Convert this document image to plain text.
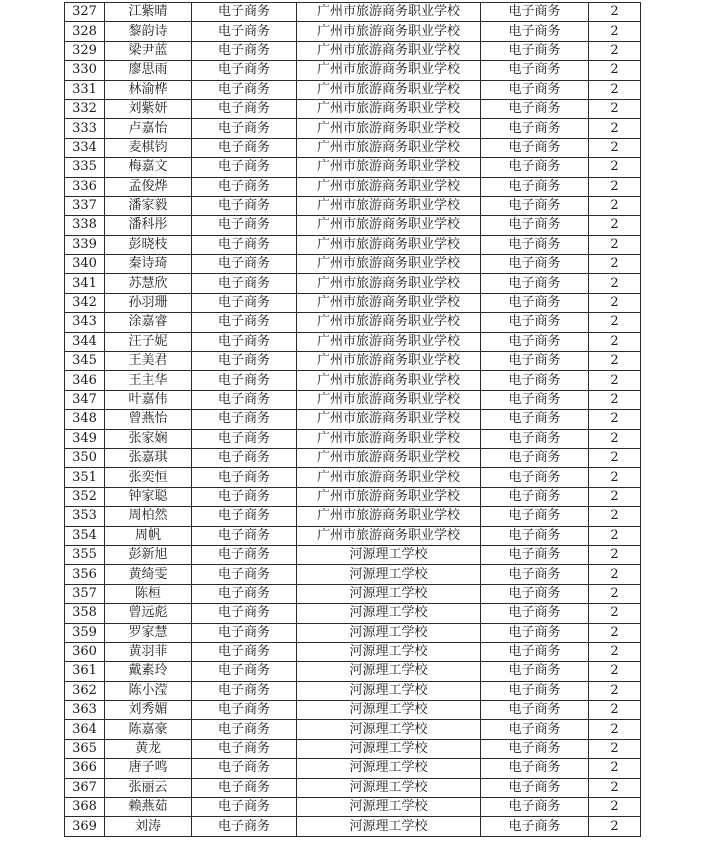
327	江紫晴	电子商务	广州市旅游商务职业学校	电子商务	2
328	黎韵诗	电子商务	广州市旅游商务职业学校	电子商务	2
329	梁尹蓝	电子商务	广州市旅游商务职业学校	电子商务	2
330	廖思雨	电子商务	广州市旅游商务职业学校	电子商务	2
331	林渝桦	电子商务	广州市旅游商务职业学校	电子商务	2
332	刘紫妍	电子商务	广州市旅游商务职业学校	电子商务	2
333	卢嘉怡	电子商务	广州市旅游商务职业学校	电子商务	2
334	麦棋钧	电子商务	广州市旅游商务职业学校	电子商务	2
335	梅嘉文	电子商务	广州市旅游商务职业学校	电子商务	2
336	孟俊烨	电子商务	广州市旅游商务职业学校	电子商务	2
337	潘家毅	电子商务	广州市旅游商务职业学校	电子商务	2
338	潘科彤	电子商务	广州市旅游商务职业学校	电子商务	2
339	彭晓枝	电子商务	广州市旅游商务职业学校	电子商务	2
340	秦诗琦	电子商务	广州市旅游商务职业学校	电子商务	2
341	苏慧欣	电子商务	广州市旅游商务职业学校	电子商务	2
342	孙羽珊	电子商务	广州市旅游商务职业学校	电子商务	2
343	涂嘉睿	电子商务	广州市旅游商务职业学校	电子商务	2
344	汪子妮	电子商务	广州市旅游商务职业学校	电子商务	2
345	王美君	电子商务	广州市旅游商务职业学校	电子商务	2
346	王主华	电子商务	广州市旅游商务职业学校	电子商务	2
347	叶嘉伟	电子商务	广州市旅游商务职业学校	电子商务	2
348	曾燕怡	电子商务	广州市旅游商务职业学校	电子商务	2
349	张家娴	电子商务	广州市旅游商务职业学校	电子商务	2
350	张嘉琪	电子商务	广州市旅游商务职业学校	电子商务	2
351	张奕恒	电子商务	广州市旅游商务职业学校	电子商务	2
352	钟家聪	电子商务	广州市旅游商务职业学校	电子商务	2
353	周柏然	电子商务	广州市旅游商务职业学校	电子商务	2
354	周帆	电子商务	广州市旅游商务职业学校	电子商务	2
355	彭新旭	电子商务	河源理工学校	电子商务	2
356	黄绮雯	电子商务	河源理工学校	电子商务	2
357	陈桓	电子商务	河源理工学校	电子商务	2
358	曾远彪	电子商务	河源理工学校	电子商务	2
359	罗家慧	电子商务	河源理工学校	电子商务	2
360	黄羽菲	电子商务	河源理工学校	电子商务	2
361	戴素玲	电子商务	河源理工学校	电子商务	2
362	陈小滢	电子商务	河源理工学校	电子商务	2
363	刘秀媚	电子商务	河源理工学校	电子商务	2
364	陈嘉豪	电子商务	河源理工学校	电子商务	2
365	黄龙	电子商务	河源理工学校	电子商务	2
366	唐子鸣	电子商务	河源理工学校	电子商务	2
367	张丽云	电子商务	河源理工学校	电子商务	2
368	赖燕茹	电子商务	河源理工学校	电子商务	2
369	刘涛	电子商务	河源理工学校	电子商务	2
